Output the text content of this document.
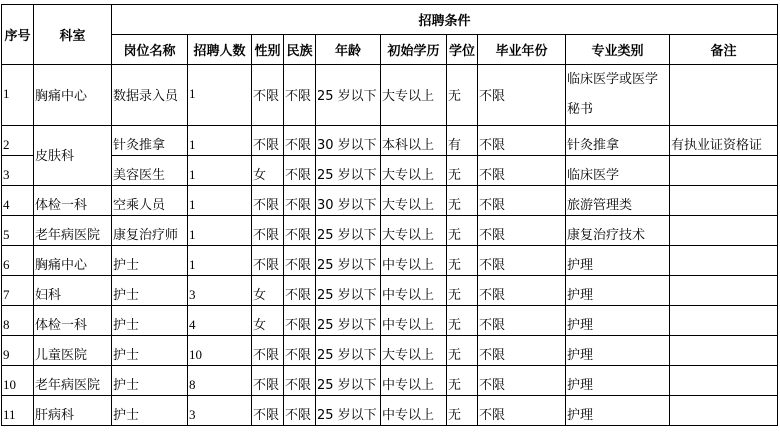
序号	科室	招聘条件									
		岗位名称	招聘人数	性别	民族	年龄	初始学历	学位	毕业年份	专业类别	备注
1	胸痛中心	数据录入员	1	不限	不限	25 岁以下	大专以上	无	不限	临床医学或医学秘书	
2	皮肤科	针灸推拿	1	不限	不限	30 岁以下	本科以上	有	不限	针灸推拿	有执业证资格证
3		美容医生	1	女	不限	25 岁以下	大专以上	无	不限	临床医学	
4	体检一科	空乘人员	1	不限	不限	30 岁以下	大专以上	无	不限	旅游管理类	
5	老年病医院	康复治疗师	1	不限	不限	25 岁以下	大专以上	无	不限	康复治疗技术	
6	胸痛中心	护士	1	不限	不限	25 岁以下	中专以上	无	不限	护理	
7	妇科	护士	3	女	不限	25 岁以下	中专以上	无	不限	护理	
8	体检一科	护士	4	女	不限	25 岁以下	中专以上	无	不限	护理	
9	儿童医院	护士	10	不限	不限	25 岁以下	大专以上	无	不限	护理	
10	老年病医院	护士	8	不限	不限	25 岁以下	中专以上	无	不限	护理	
11	肝病科	护士	3	不限	不限	25 岁以下	中专以上	无	不限	护理	
